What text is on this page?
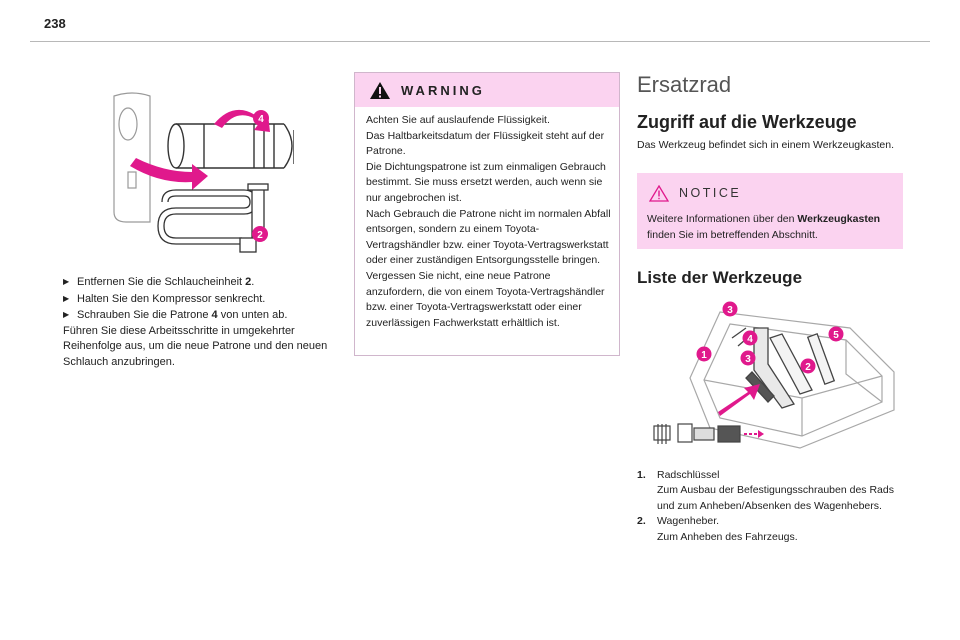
238
4
2

▶ Entfernen Sie die Schlaucheinheit 2.

▶ Halten Sie den Kompressor senkrecht.

▶ Schrauben Sie die Patrone 4 von unten ab.

Führen Sie diese Arbeitsschritte in umgekehrter Reihenfolge aus, um die neue Patrone und den neuen Schlauch anzubringen.

WARNING

Achten Sie auf auslaufende Flüssigkeit.

Das Haltbarkeitsdatum der Flüssigkeit steht auf der Patrone.

Die Dichtungspatrone ist zum einmaligen Gebrauch bestimmt. Sie muss ersetzt werden, auch wenn sie nur angebrochen ist.

Nach Gebrauch die Patrone nicht im normalen Abfall entsorgen, sondern zu einem Toyota-Vertragshändler bzw. einer Toyota-Vertragswerkstatt oder einer zuständigen Entsorgungsstelle bringen.

Vergessen Sie nicht, eine neue Patrone anzufordern, die von einem Toyota-Vertragshändler bzw. einer Toyota-Vertragswerkstatt oder einer zuverlässigen Fachwerkstatt erhältlich ist.

Ersatzrad
Zugriff auf die Werkzeuge
Das Werkzeug befindet sich in einem Werkzeugkasten.
NOTICE
Weitere Informationen über den Werkzeugkasten finden Sie im betreffenden Abschnitt.
Liste der Werkzeuge
1
2
3
4	5
3
1.	Radschlüssel
Zum Ausbau der Befestigungsschrauben des Rads und zum Anheben/Absenken des Wagenhebers.
2.	Wagenheber.
Zum Anheben des Fahrzeugs.
